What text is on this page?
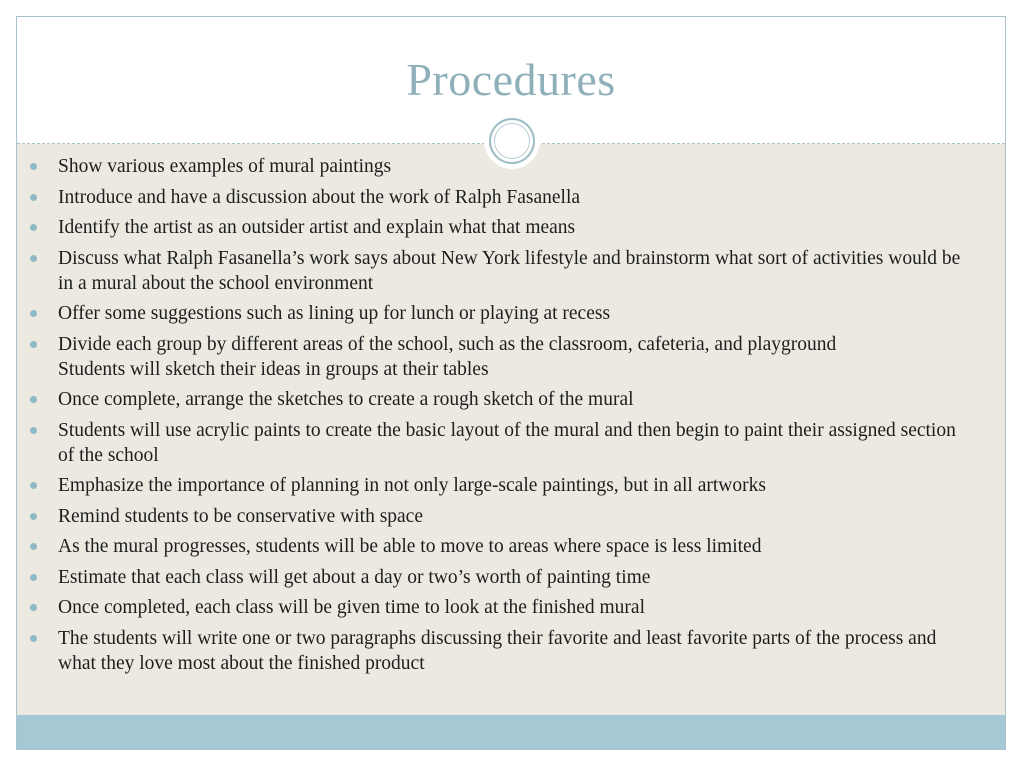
Procedures
Show various examples of mural paintings
Introduce and have a discussion about the work of Ralph Fasanella
Identify the artist as an outsider artist and explain what that means
Discuss what Ralph Fasanella’s work says about New York lifestyle and brainstorm what sort of activities would be in a mural about the school environment
Offer some suggestions such as lining up for lunch or playing at recess
Divide each group by different areas of the school, such as the classroom, cafeteria, and playground
Students will sketch their ideas in groups at their tables
Once complete, arrange the sketches to create a rough sketch of the mural
Students will use acrylic paints to create the basic layout of the mural and then begin to paint their assigned section of the school
Emphasize the importance of planning in not only large-scale paintings, but in all artworks
Remind students to be conservative with space
As the mural progresses, students will be able to move to areas where space is less limited
Estimate that each class will get about a day or two’s worth of painting time
Once completed, each class will be given time to look at the finished mural
The students will write one or two paragraphs discussing their favorite and least favorite parts of the process and what they love most about the finished product
